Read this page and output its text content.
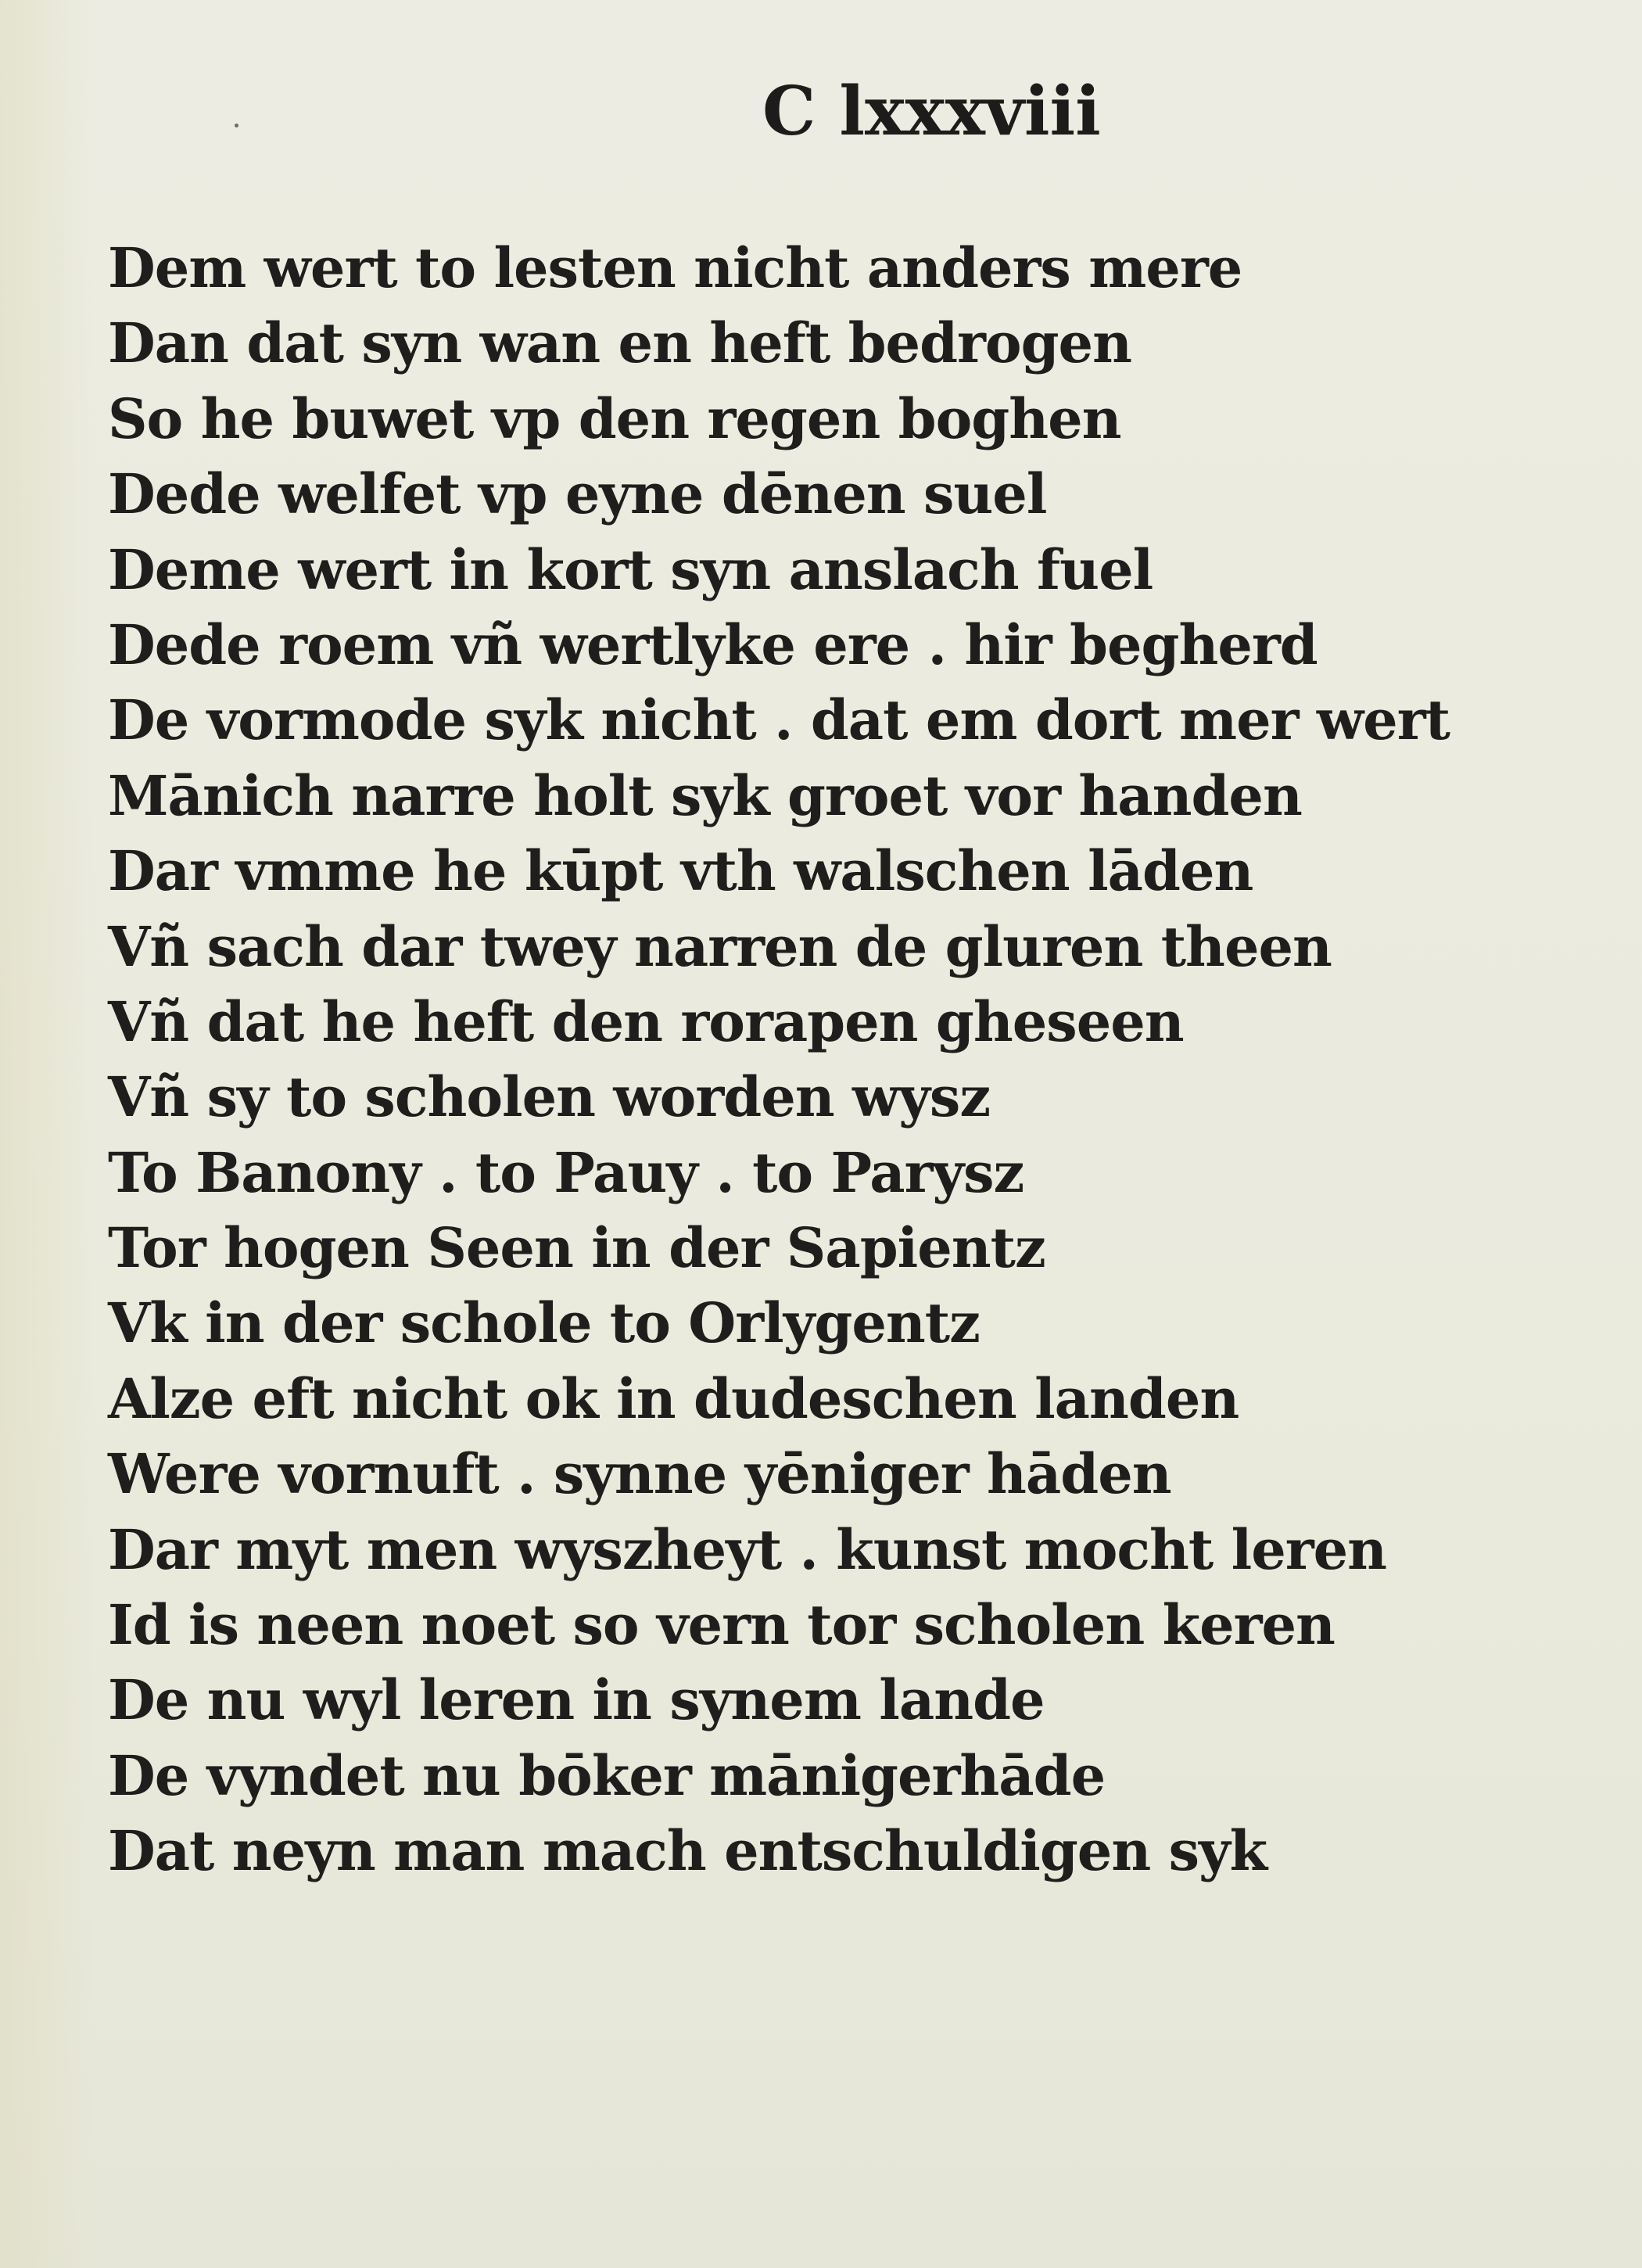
C lxxxviii
Dem wert to lesten nicht anders mere
Dan dat syn wan en heft bedrogen
So he buwet vp den regen boghen
Dede welfet vp eyne dēnen suel
Deme wert in kort syn anslach fuel
Dede roem vñ wertlyke ere . hir begherd
De vormode syk nicht . dat em dort mer wert
Mānich narre holt syk groet vor handen
Dar vmme he kūpt vth walschen lāden
Vñ sach dar twey narren de gluren theen
Vñ dat he heft den rorapen gheseen
Vñ sy to scholen worden wysz
To Banony . to Pauy . to Parysz
Tor hogen Seen in der Sapientz
Vk in der schole to Orlygentz
Alze eft nicht ok in dudeschen landen
Were vornuft . synne yēniger hāden
Dar myt men wyszheyt . kunst mocht leren
Id is neen noet so vern tor scholen keren
De nu wyl leren in synem lande
De vyndet nu bōker mānigerhāde
Dat neyn man mach entschuldigen syk
